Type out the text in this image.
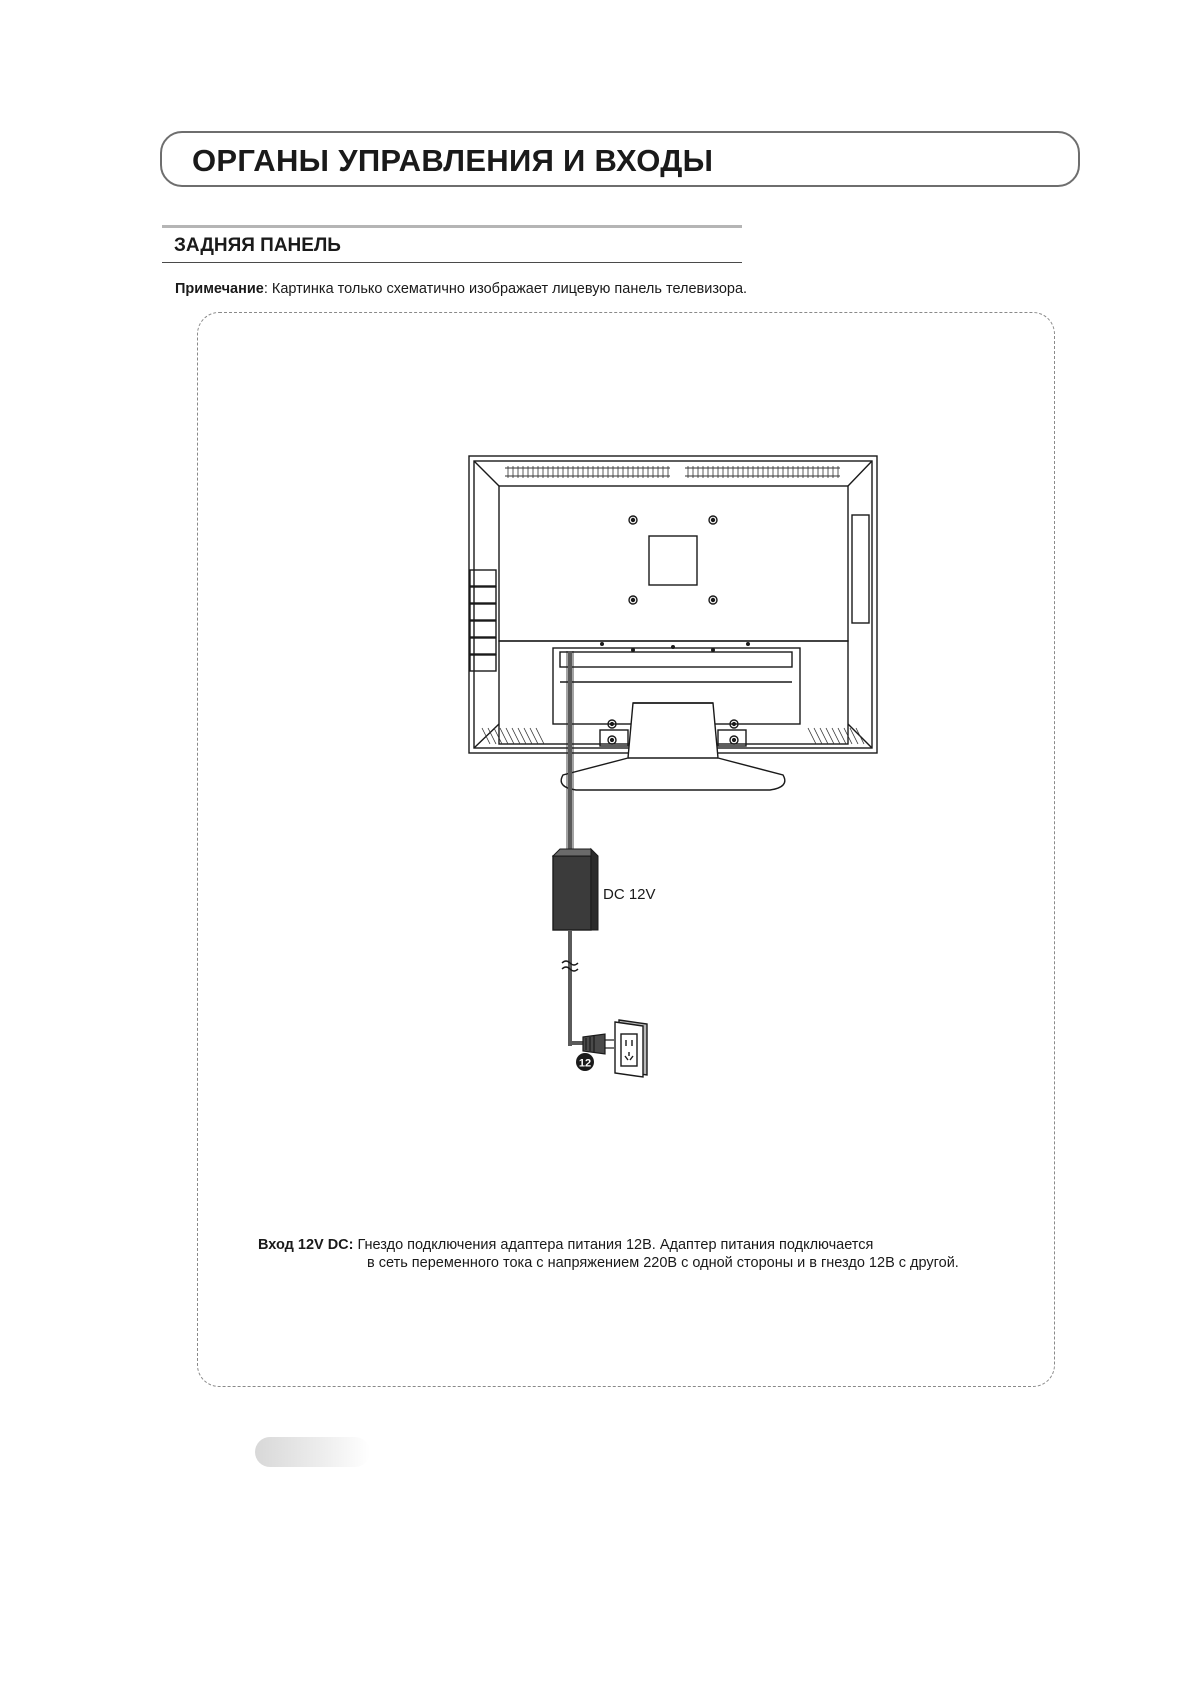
ОРГАНЫ УПРАВЛЕНИЯ И ВХОДЫ
ЗАДНЯЯ ПАНЕЛЬ

Примечание: Картинка только схематично изображает лицевую панель телевизора.

DC 12V
12

Вход 12V DC: Гнездо подключения адаптера питания 12В. Адаптер питания подключается
в сеть переменного тока с напряжением 220В с одной стороны и в гнездо 12В с другой.
